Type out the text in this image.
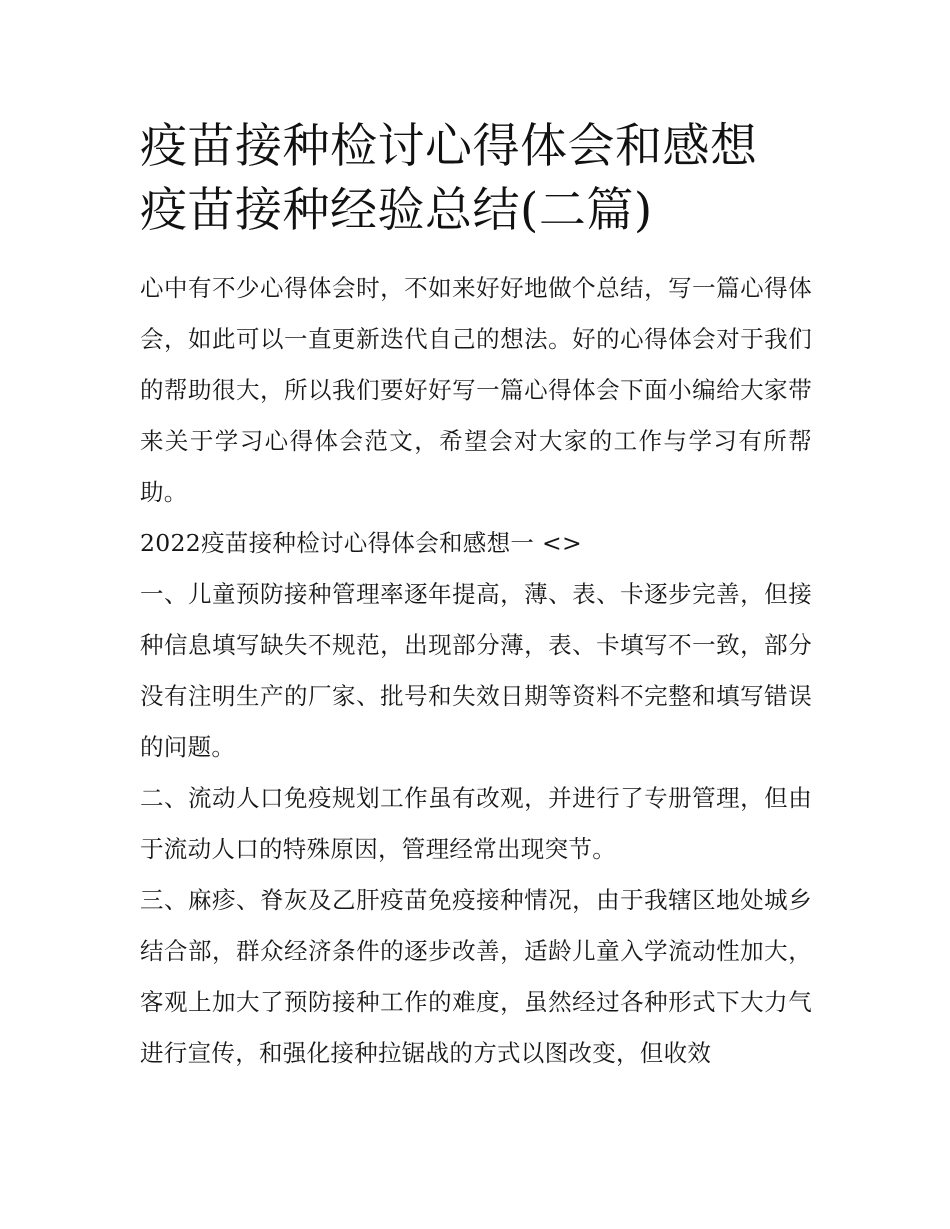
疫苗接种检讨心得体会和感想
疫苗接种经验总结(二篇)

心中有不少心得体会时，不如来好好地做个总结，写一篇心得体会，如此可以一直更新迭代自己的想法。好的心得体会对于我们的帮助很大，所以我们要好好写一篇心得体会下面小编给大家带来关于学习心得体会范文，希望会对大家的工作与学习有所帮助。

2022疫苗接种检讨心得体会和感想一 <>

一、儿童预防接种管理率逐年提高，薄、表、卡逐步完善，但接种信息填写缺失不规范，出现部分薄，表、卡填写不一致，部分没有注明生产的厂家、批号和失效日期等资料不完整和填写错误的问题。

二、流动人口免疫规划工作虽有改观，并进行了专册管理，但由于流动人口的特殊原因，管理经常出现突节。

三、麻疹、脊灰及乙肝疫苗免疫接种情况，由于我辖区地处城乡结合部，群众经济条件的逐步改善，适龄儿童入学流动性加大，客观上加大了预防接种工作的难度，虽然经过各种形式下大力气进行宣传，和强化接种拉锯战的方式以图改变，但收效
